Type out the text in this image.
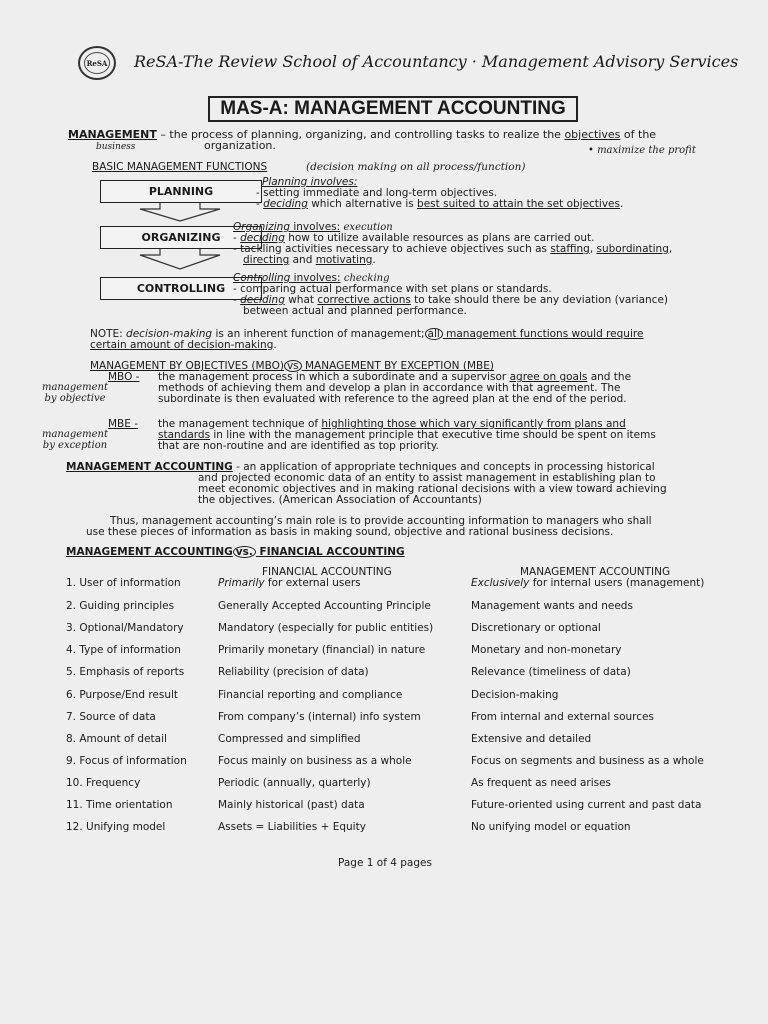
ReSA ReSA-The Review School of Accountancy · Management Advisory Services
MAS-A: MANAGEMENT ACCOUNTING
MANAGEMENT – the process of planning, organizing, and controlling tasks to realize the objectives of the
organization.
business	• maximize the profit
BASIC MANAGEMENT FUNCTIONS	(decision making on all process/function)
PLANNING
ORGANIZING
CONTROLLING
Planning involves:
- setting immediate and long-term objectives.
- deciding which alternative is best suited to attain the set objectives.
Organizing involves: execution
- deciding how to utilize available resources as plans are carried out.
- tackling activities necessary to achieve objectives such as staffing, subordinating,
directing and motivating.
Controlling involves: checking
- comparing actual performance with set plans or standards.
- deciding what corrective actions to take should there be any deviation (variance)
between actual and planned performance.
NOTE: decision-making is an inherent function of management; all management functions would require
certain amount of decision-making.
MANAGEMENT BY OBJECTIVES (MBO) vs MANAGEMENT BY EXCEPTION (MBE)
MBO -
management by objective
the management process in which a subordinate and a supervisor agree on goals and the
methods of achieving them and develop a plan in accordance with that agreement. The
subordinate is then evaluated with reference to the agreed plan at the end of the period.
MBE -
management by exception
the management technique of highlighting those which vary significantly from plans and
standards in line with the management principle that executive time should be spent on items
that are non-routine and are identified as top priority.
MANAGEMENT ACCOUNTING - an application of appropriate techniques and concepts in processing historical
and projected economic data of an entity to assist management in establishing plan to
meet economic objectives and in making rational decisions with a view toward achieving
the objectives. (American Association of Accountants)
Thus, management accounting’s main role is to provide accounting information to managers who shall
use these pieces of information as basis in making sound, objective and rational business decisions.
MANAGEMENT ACCOUNTING vs. FINANCIAL ACCOUNTING
FINANCIAL ACCOUNTING	MANAGEMENT ACCOUNTING
1. User of information	Primarily for external users	Exclusively for internal users (management)
2. Guiding principles	Generally Accepted Accounting Principle	Management wants and needs
3. Optional/Mandatory	Mandatory (especially for public entities)	Discretionary or optional
4. Type of information	Primarily monetary (financial) in nature	Monetary and non-monetary
5. Emphasis of reports	Reliability (precision of data)	Relevance (timeliness of data)
6. Purpose/End result	Financial reporting and compliance	Decision-making
7. Source of data	From company’s (internal) info system	From internal and external sources
8. Amount of detail	Compressed and simplified	Extensive and detailed
9. Focus of information	Focus mainly on business as a whole	Focus on segments and business as a whole
10. Frequency	Periodic (annually, quarterly)	As frequent as need arises
11. Time orientation	Mainly historical (past) data	Future-oriented using current and past data
12. Unifying model	Assets = Liabilities + Equity	No unifying model or equation
Page 1 of 4 pages
